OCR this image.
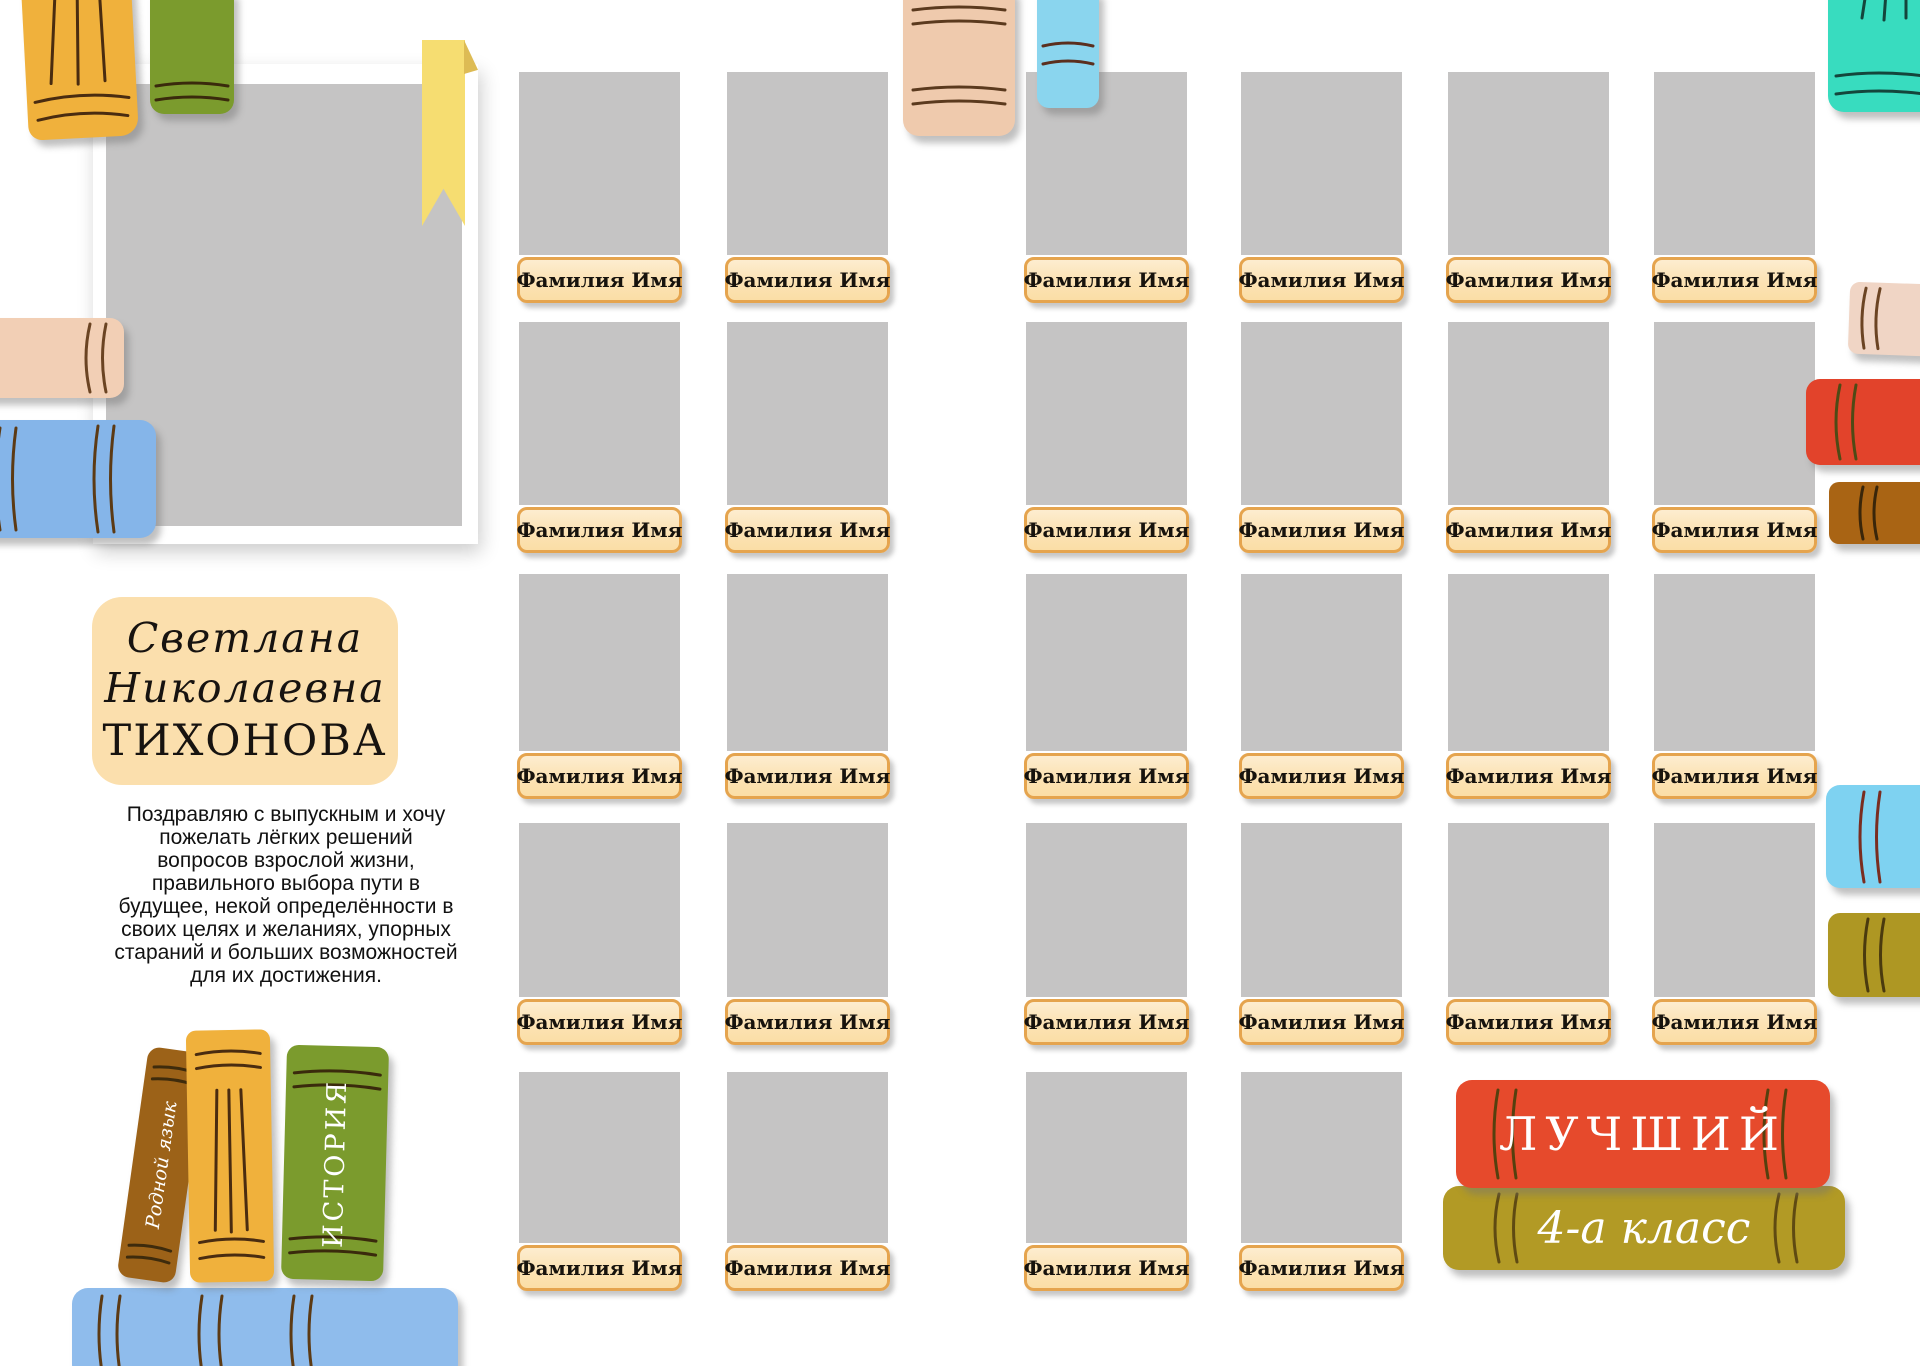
Светлана
Николаевна
ТИХОНОВА
Поздравляю с выпускным и хочу
пожелать лёгких решений
вопросов взрослой жизни,
правильного выбора пути в
будущее, некой определённости в
своих целях и желаниях, упорных
стараний и больших возможностей
для их достижения.
Фамилия Имя Фамилия Имя	Фамилия Имя Фамилия Имя Фамилия Имя Фамилия Имя
Фамилия Имя Фамилия Имя	Фамилия Имя Фамилия Имя Фамилия Имя Фамилия Имя
Фамилия Имя Фамилия Имя	Фамилия Имя Фамилия Имя Фамилия Имя Фамилия Имя
Фамилия Имя Фамилия Имя	Фамилия Имя Фамилия Имя Фамилия Имя Фамилия Имя
Фамилия Имя Фамилия Имя	Фамилия Имя Фамилия Имя
Родной язык	ИСТОРИЯ	4-а класс
ЛУЧШИЙ
